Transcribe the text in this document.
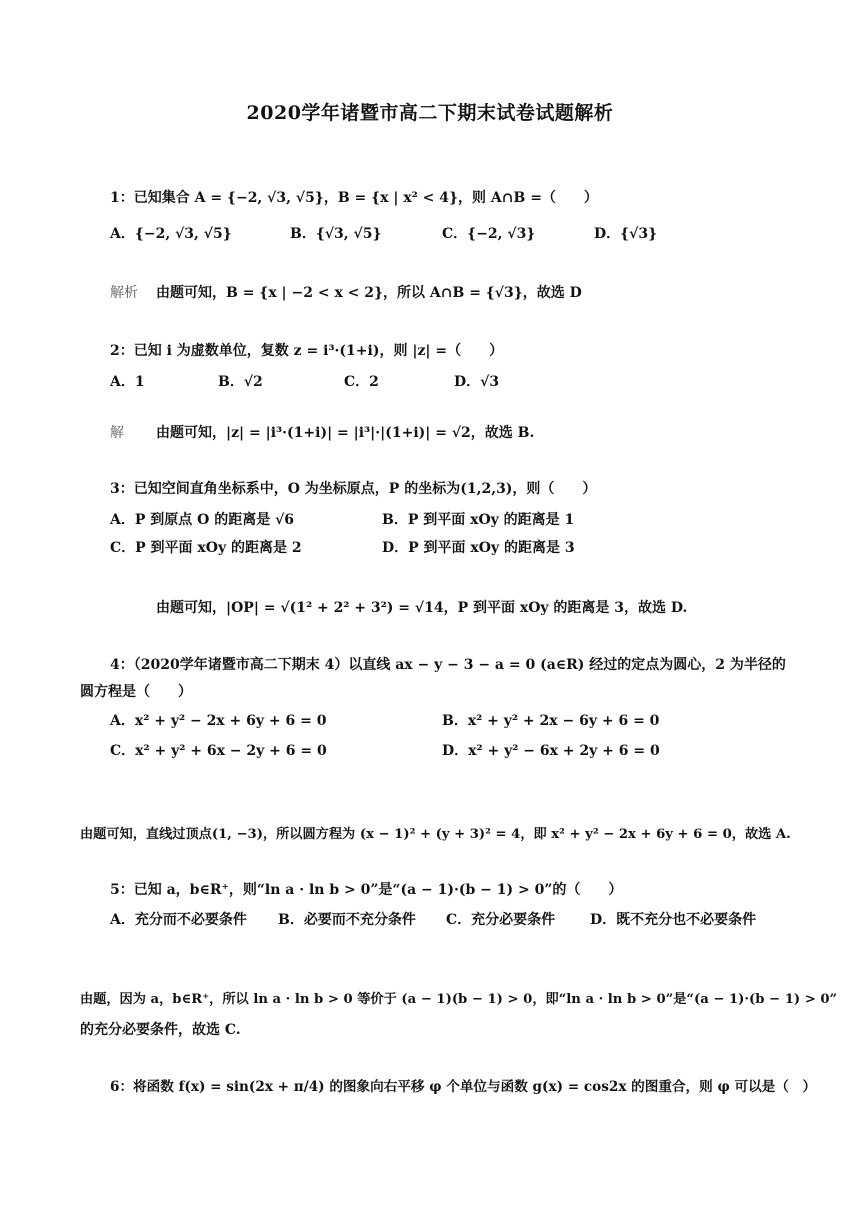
2020学年诸暨市高二下期末试卷试题解析
1：已知集合 A = {−2, √3, √5}，B = {x | x² < 4}，则 A∩B =（　　）
A．{−2, √3, √5}	B．{√3, √5}	C．{−2, √3}	D．{√3}
解析 由题可知，B = {x | −2 < x < 2}，所以 A∩B = {√3}，故选 D
2：已知 i 为虚数单位，复数 z = i³·(1+i)，则 |z| =（　　）
A．1	B．√2	C．2	D．√3
解 由题可知，|z| = |i³·(1+i)| = |i³|·|(1+i)| = √2，故选 B.
3：已知空间直角坐标系中，O 为坐标原点，P 的坐标为(1,2,3)，则（　　）
A．P 到原点 O 的距离是 √6	B．P 到平面 xOy 的距离是 1
C．P 到平面 xOy 的距离是 2	D．P 到平面 xOy 的距离是 3
由题可知，|OP| = √(1² + 2² + 3²) = √14，P 到平面 xOy 的距离是 3，故选 D.
4：（2020学年诸暨市高二下期末 4）以直线 ax − y − 3 − a = 0 (a∈R) 经过的定点为圆心，2 为半径的
圆方程是（　　）
A．x² + y² − 2x + 6y + 6 = 0	B．x² + y² + 2x − 6y + 6 = 0
C．x² + y² + 6x − 2y + 6 = 0	D．x² + y² − 6x + 2y + 6 = 0
由题可知，直线过顶点(1, −3)，所以圆方程为 (x − 1)² + (y + 3)² = 4，即 x² + y² − 2x + 6y + 6 = 0，故选 A.
5：已知 a，b∈R⁺，则“ln a · ln b > 0”是“(a − 1)·(b − 1) > 0”的（　　）
A．充分而不必要条件 B．必要而不充分条件 C．充分必要条件 D．既不充分也不必要条件
由题，因为 a，b∈R⁺，所以 ln a · ln b > 0 等价于 (a − 1)(b − 1) > 0，即“ln a · ln b > 0”是“(a − 1)·(b − 1) > 0”
的充分必要条件，故选 C.
6：将函数 f(x) = sin(2x + π/4) 的图象向右平移 φ 个单位与函数 g(x) = cos2x 的图重合，则 φ 可以是（　）
